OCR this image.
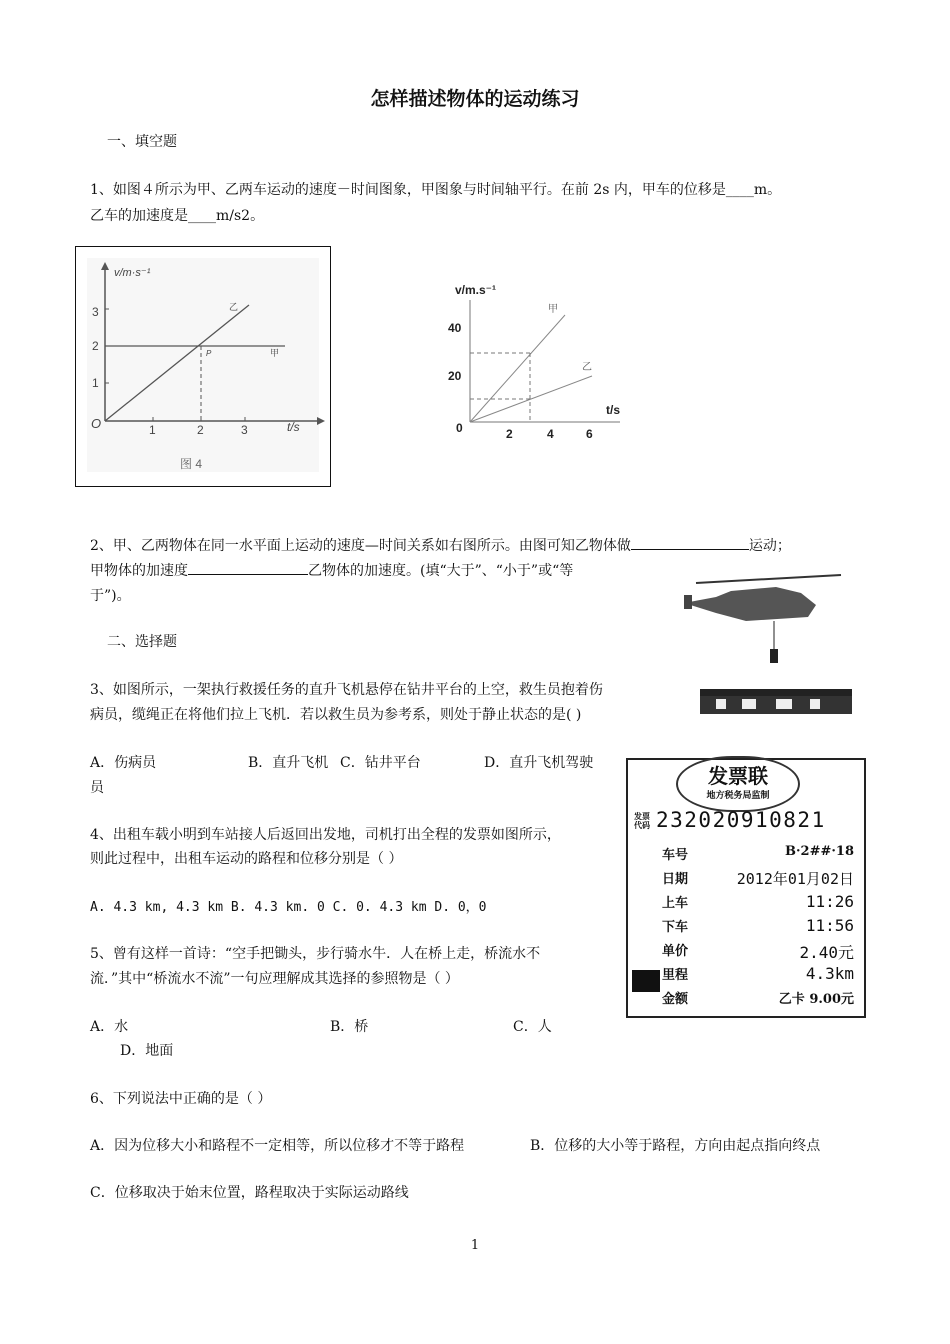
怎样描述物体的运动练习
一、填空题
1、如图４所示为甲、乙两车运动的速度－时间图象，甲图象与时间轴平行。在前 2s 内，甲车的位移是____m。
乙车的加速度是____m/s2。
v/m·s⁻¹
t/s
O
1
2
3
1	2	3
乙
甲
P
图 4
v/m.s⁻¹
t/s
40
20
0	2	4	6
甲
乙
2、甲、乙两物体在同一水平面上运动的速度—时间关系如右图所示。由图可知乙物体做	运动；
甲物体的加速度	乙物体的加速度。(填“大于”、“小于”或“等
于”)。
二、选择题
3、如图所示，一架执行救援任务的直升飞机悬停在钻井平台的上空，救生员抱着伤
病员，缆绳正在将他们拉上飞机．若以救生员为参考系，则处于静止状态的是( )
A．伤病员	B．直升飞机 C．钻井平台	D．直升飞机驾驶
员	发票联
地方税务局监制
发票
代码 232020910821
车号	B·2##·18
日期	2012年01月02日
上车	11:26
下车	11:56
单价	2.40元
里程	4.3km
金额	乙卡 9.00元
4、出租车载小明到车站接人后返回出发地，司机打出全程的发票如图所示，
则此过程中，出租车运动的路程和位移分别是（ ）
A. 4.3 km, 4.3 km B. 4.3 km. 0 C. 0. 4.3 km D. 0，0
5、曾有这样一首诗：“空手把锄头，步行骑水牛．人在桥上走，桥流水不
流．”其中“桥流水不流”一句应理解成其选择的参照物是（ ）
A．水	B．桥	C．人
D．地面
6、下列说法中正确的是（ ）
A．因为位移大小和路程不一定相等，所以位移才不等于路程	B．位移的大小等于路程，方向由起点指向终点
C．位移取决于始末位置，路程取决于实际运动路线
1
